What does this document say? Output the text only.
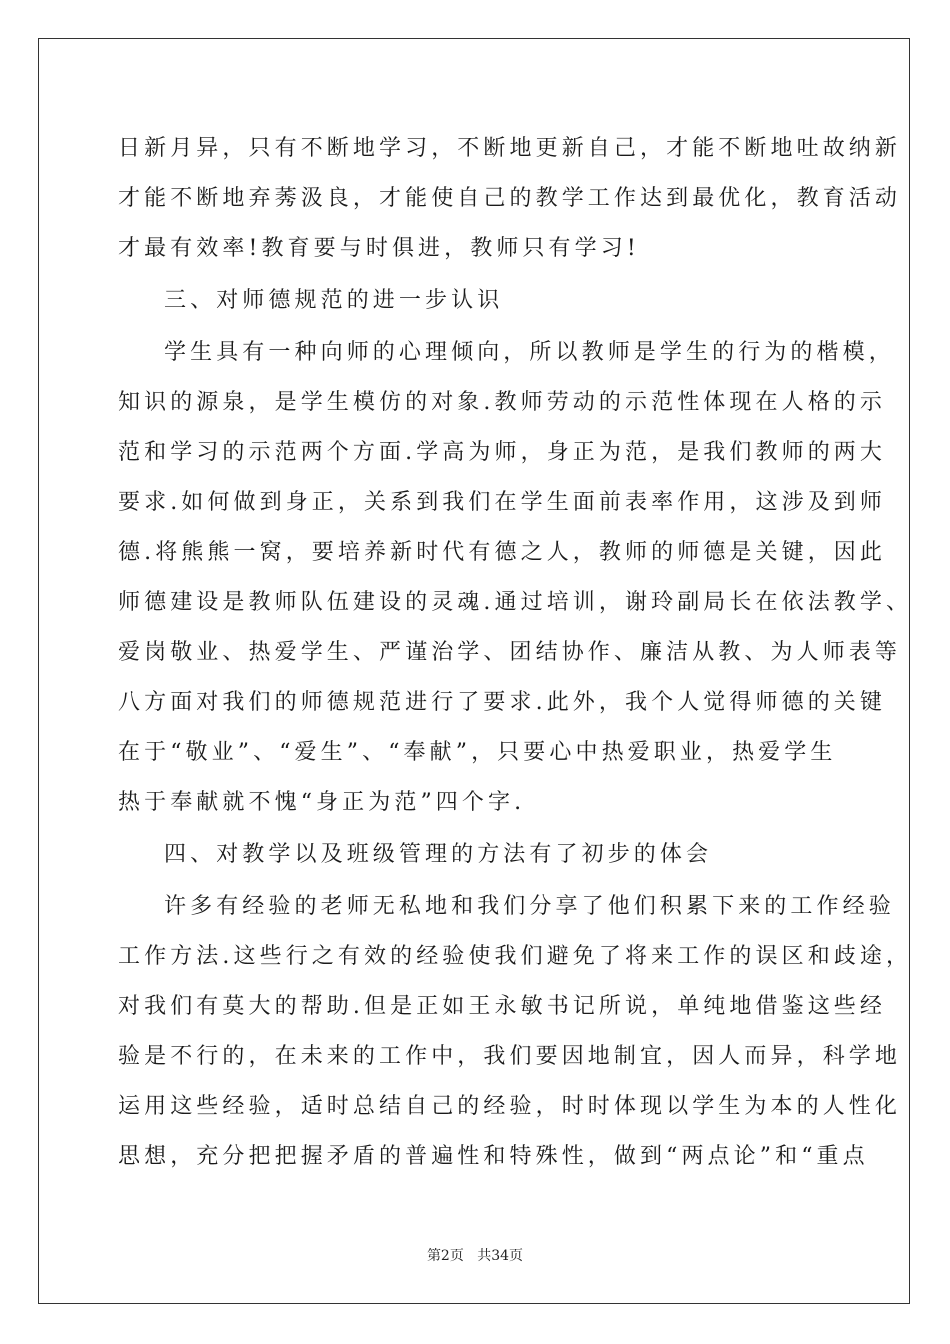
日新月异，只有不断地学习，不断地更新自己，才能不断地吐故纳新
才能不断地弃莠汲良，才能使自己的教学工作达到最优化，教育活动
才最有效率!教育要与时俱进，教师只有学习!
三、对师德规范的进一步认识
学生具有一种向师的心理倾向，所以教师是学生的行为的楷模，
知识的源泉，是学生模仿的对象.教师劳动的示范性体现在人格的示
范和学习的示范两个方面.学高为师，身正为范，是我们教师的两大
要求.如何做到身正，关系到我们在学生面前表率作用，这涉及到师
德.将熊熊一窝，要培养新时代有德之人，教师的师德是关键，因此
师德建设是教师队伍建设的灵魂.通过培训，谢玲副局长在依法教学、
爱岗敬业、热爱学生、严谨治学、团结协作、廉洁从教、为人师表等
八方面对我们的师德规范进行了要求.此外，我个人觉得师德的关键
在于“敬业”、“爱生”、“奉献”，只要心中热爱职业，热爱学生
热于奉献就不愧“身正为范”四个字.
四、对教学以及班级管理的方法有了初步的体会
许多有经验的老师无私地和我们分享了他们积累下来的工作经验
工作方法.这些行之有效的经验使我们避免了将来工作的误区和歧途，
对我们有莫大的帮助.但是正如王永敏书记所说，单纯地借鉴这些经
验是不行的，在未来的工作中，我们要因地制宜，因人而异，科学地
运用这些经验，适时总结自己的经验，时时体现以学生为本的人性化
思想，充分把把握矛盾的普遍性和特殊性，做到“两点论”和“重点
第2页 共34页
